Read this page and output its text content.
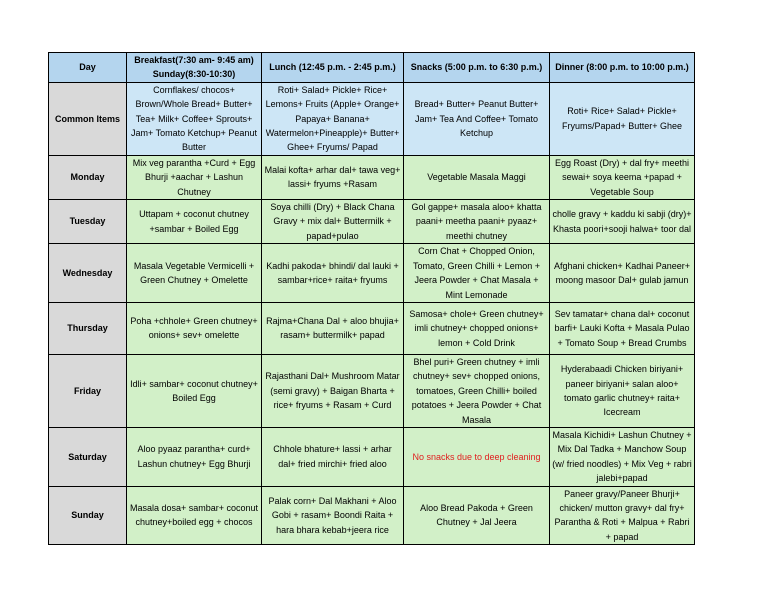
Day	Breakfast(7:30 am- 9:45 am) Sunday(8:30-10:30)	Lunch (12:45 p.m. - 2:45 p.m.)	Snacks (5:00 p.m. to 6:30 p.m.)	Dinner (8:00 p.m. to 10:00 p.m.)
Common Items	Cornflakes/ chocos+ Brown/Whole Bread+ Butter+ Tea+ Milk+ Coffee+ Sprouts+ Jam+ Tomato Ketchup+ Peanut Butter	Roti+ Salad+ Pickle+ Rice+ Lemons+ Fruits (Apple+ Orange+ Papaya+ Banana+ Watermelon+Pineapple)+ Butter+ Ghee+ Fryums/ Papad	Bread+ Butter+ Peanut Butter+ Jam+ Tea And Coffee+ Tomato Ketchup	Roti+ Rice+ Salad+ Pickle+ Fryums/Papad+ Butter+ Ghee
Monday	Mix veg parantha +Curd + Egg Bhurji +aachar + Lashun Chutney	Malai kofta+ arhar dal+ tawa veg+ lassi+ fryums +Rasam	Vegetable Masala Maggi	Egg Roast (Dry) + dal fry+ meethi sewai+ soya keema +papad + Vegetable Soup
Tuesday	Uttapam + coconut chutney +sambar + Boiled Egg	Soya chilli (Dry) + Black Chana Gravy + mix dal+ Buttermilk + papad+pulao	Gol gappe+ masala aloo+ khatta paani+ meetha paani+ pyaaz+ meethi chutney	cholle gravy + kaddu ki sabji (dry)+ Khasta poori+sooji halwa+ toor dal
Wednesday	Masala Vegetable Vermicelli + Green Chutney + Omelette	Kadhi pakoda+ bhindi/ dal lauki + sambar+rice+ raita+ fryums	Corn Chat + Chopped Onion, Tomato, Green Chilli + Lemon + Jeera Powder + Chat Masala + Mint Lemonade	Afghani chicken+ Kadhai Paneer+ moong masoor Dal+ gulab jamun
Thursday	Poha +chhole+ Green chutney+ onions+ sev+ omelette	Rajma+Chana Dal + aloo bhujia+ rasam+ buttermilk+ papad	Samosa+ chole+ Green chutney+ imli chutney+ chopped onions+ lemon + Cold Drink	Sev tamatar+ chana dal+ coconut barfi+ Lauki Kofta + Masala Pulao + Tomato Soup + Bread Crumbs
Friday	Idli+ sambar+ coconut chutney+ Boiled Egg	Rajasthani Dal+ Mushroom Matar (semi gravy) + Baigan Bharta + rice+ fryums + Rasam + Curd	Bhel puri+ Green chutney + imli chutney+ sev+ chopped onions, tomatoes, Green Chilli+ boiled potatoes + Jeera Powder + Chat Masala	Hyderabaadi Chicken biriyani+ paneer biriyani+ salan aloo+ tomato garlic chutney+ raita+ Icecream
Saturday	Aloo pyaaz parantha+ curd+ Lashun chutney+ Egg Bhurji	Chhole bhature+ lassi + arhar dal+ fried mirchi+ fried aloo	No snacks due to deep cleaning	Masala Kichidi+ Lashun Chutney + Mix Dal Tadka + Manchow Soup (w/ fried noodles) + Mix Veg + rabri jalebi+papad
Sunday	Masala dosa+ sambar+ coconut chutney+boiled egg + chocos	Palak corn+ Dal Makhani + Aloo Gobi + rasam+ Boondi Raita + hara bhara kebab+jeera rice	Aloo Bread Pakoda + Green Chutney + Jal Jeera	Paneer gravy/Paneer Bhurji+ chicken/ mutton gravy+ dal fry+ Parantha & Roti + Malpua + Rabri + papad
